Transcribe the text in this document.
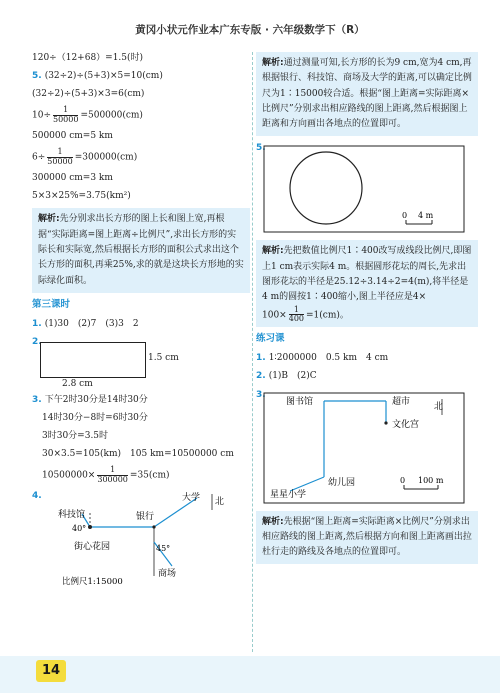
黄冈小状元作业本广东专版 · 六年级数学下（R）
120÷（12+68）=1.5(时)
5. (32÷2)÷(5+3)×5=10(cm)
(32÷2)÷(5+3)×3=6(cm)
$10\div \frac{1}{50000} =500000(cm)$
500000 cm=5 km
$6\div \frac{1}{50000} =300000(cm)$
300000 cm=3 km
5×3×25%=3.75(km²)
解析:先分别求出长方形的图上长和图上宽,再根据“实际距离=图上距离÷比例尺”,求出长方形的实际长和实际宽,然后根据长方形的面积公式求出这个长方形的面积,再乘25%,求的就是这块长方形地的实际绿化面积。
第三课时
1. (1)30　(2)7　(3)3　2
2.
1.5 cm
2.8 cm
3. 下午2时30分是14时30分
14时30分−8时=6时30分
3时30分=3.5时
30×3.5=105(km)　105 km=10500000 cm
$10500000\times \frac{1}{300000} =35(cm)$
4.
北
科技馆	银行
大学
40°
45°
街心花园
商场
比例尺1:15000
解析:通过测量可知,长方形的长为9 cm,宽为4 cm,再根据银行、科技馆、商场及大学的距离,可以确定比例尺为1∶15000较合适。根据“图上距离=实际距离×比例尺”分别求出相应路线的图上距离,然后根据图上距离和方向画出各地点的位置即可。
5.
0 4 m
解析:先把数值比例尺1∶400改写成线段比例尺,即图上1 cm表示实际4 m。根据圆形花坛的周长,先求出图形花坛的半径是25.12÷3.14÷2=4(m),将半径是4 m的圆按1∶400缩小,图上半径应是4×
$100\times \frac{1}{400} =1(cm)$。
练习课
1. 1∶2000000　0.5 km　4 cm
2. (1)B　(2)C
3.
北
图书馆	超市
文化宫
幼儿园
星星小学
0 100 m
解析:先根据“图上距离=实际距离×比例尺”分别求出相应路线的图上距离,然后根据方向和图上距离画出拉杜行走的路线及各地点的位置即可。
14
